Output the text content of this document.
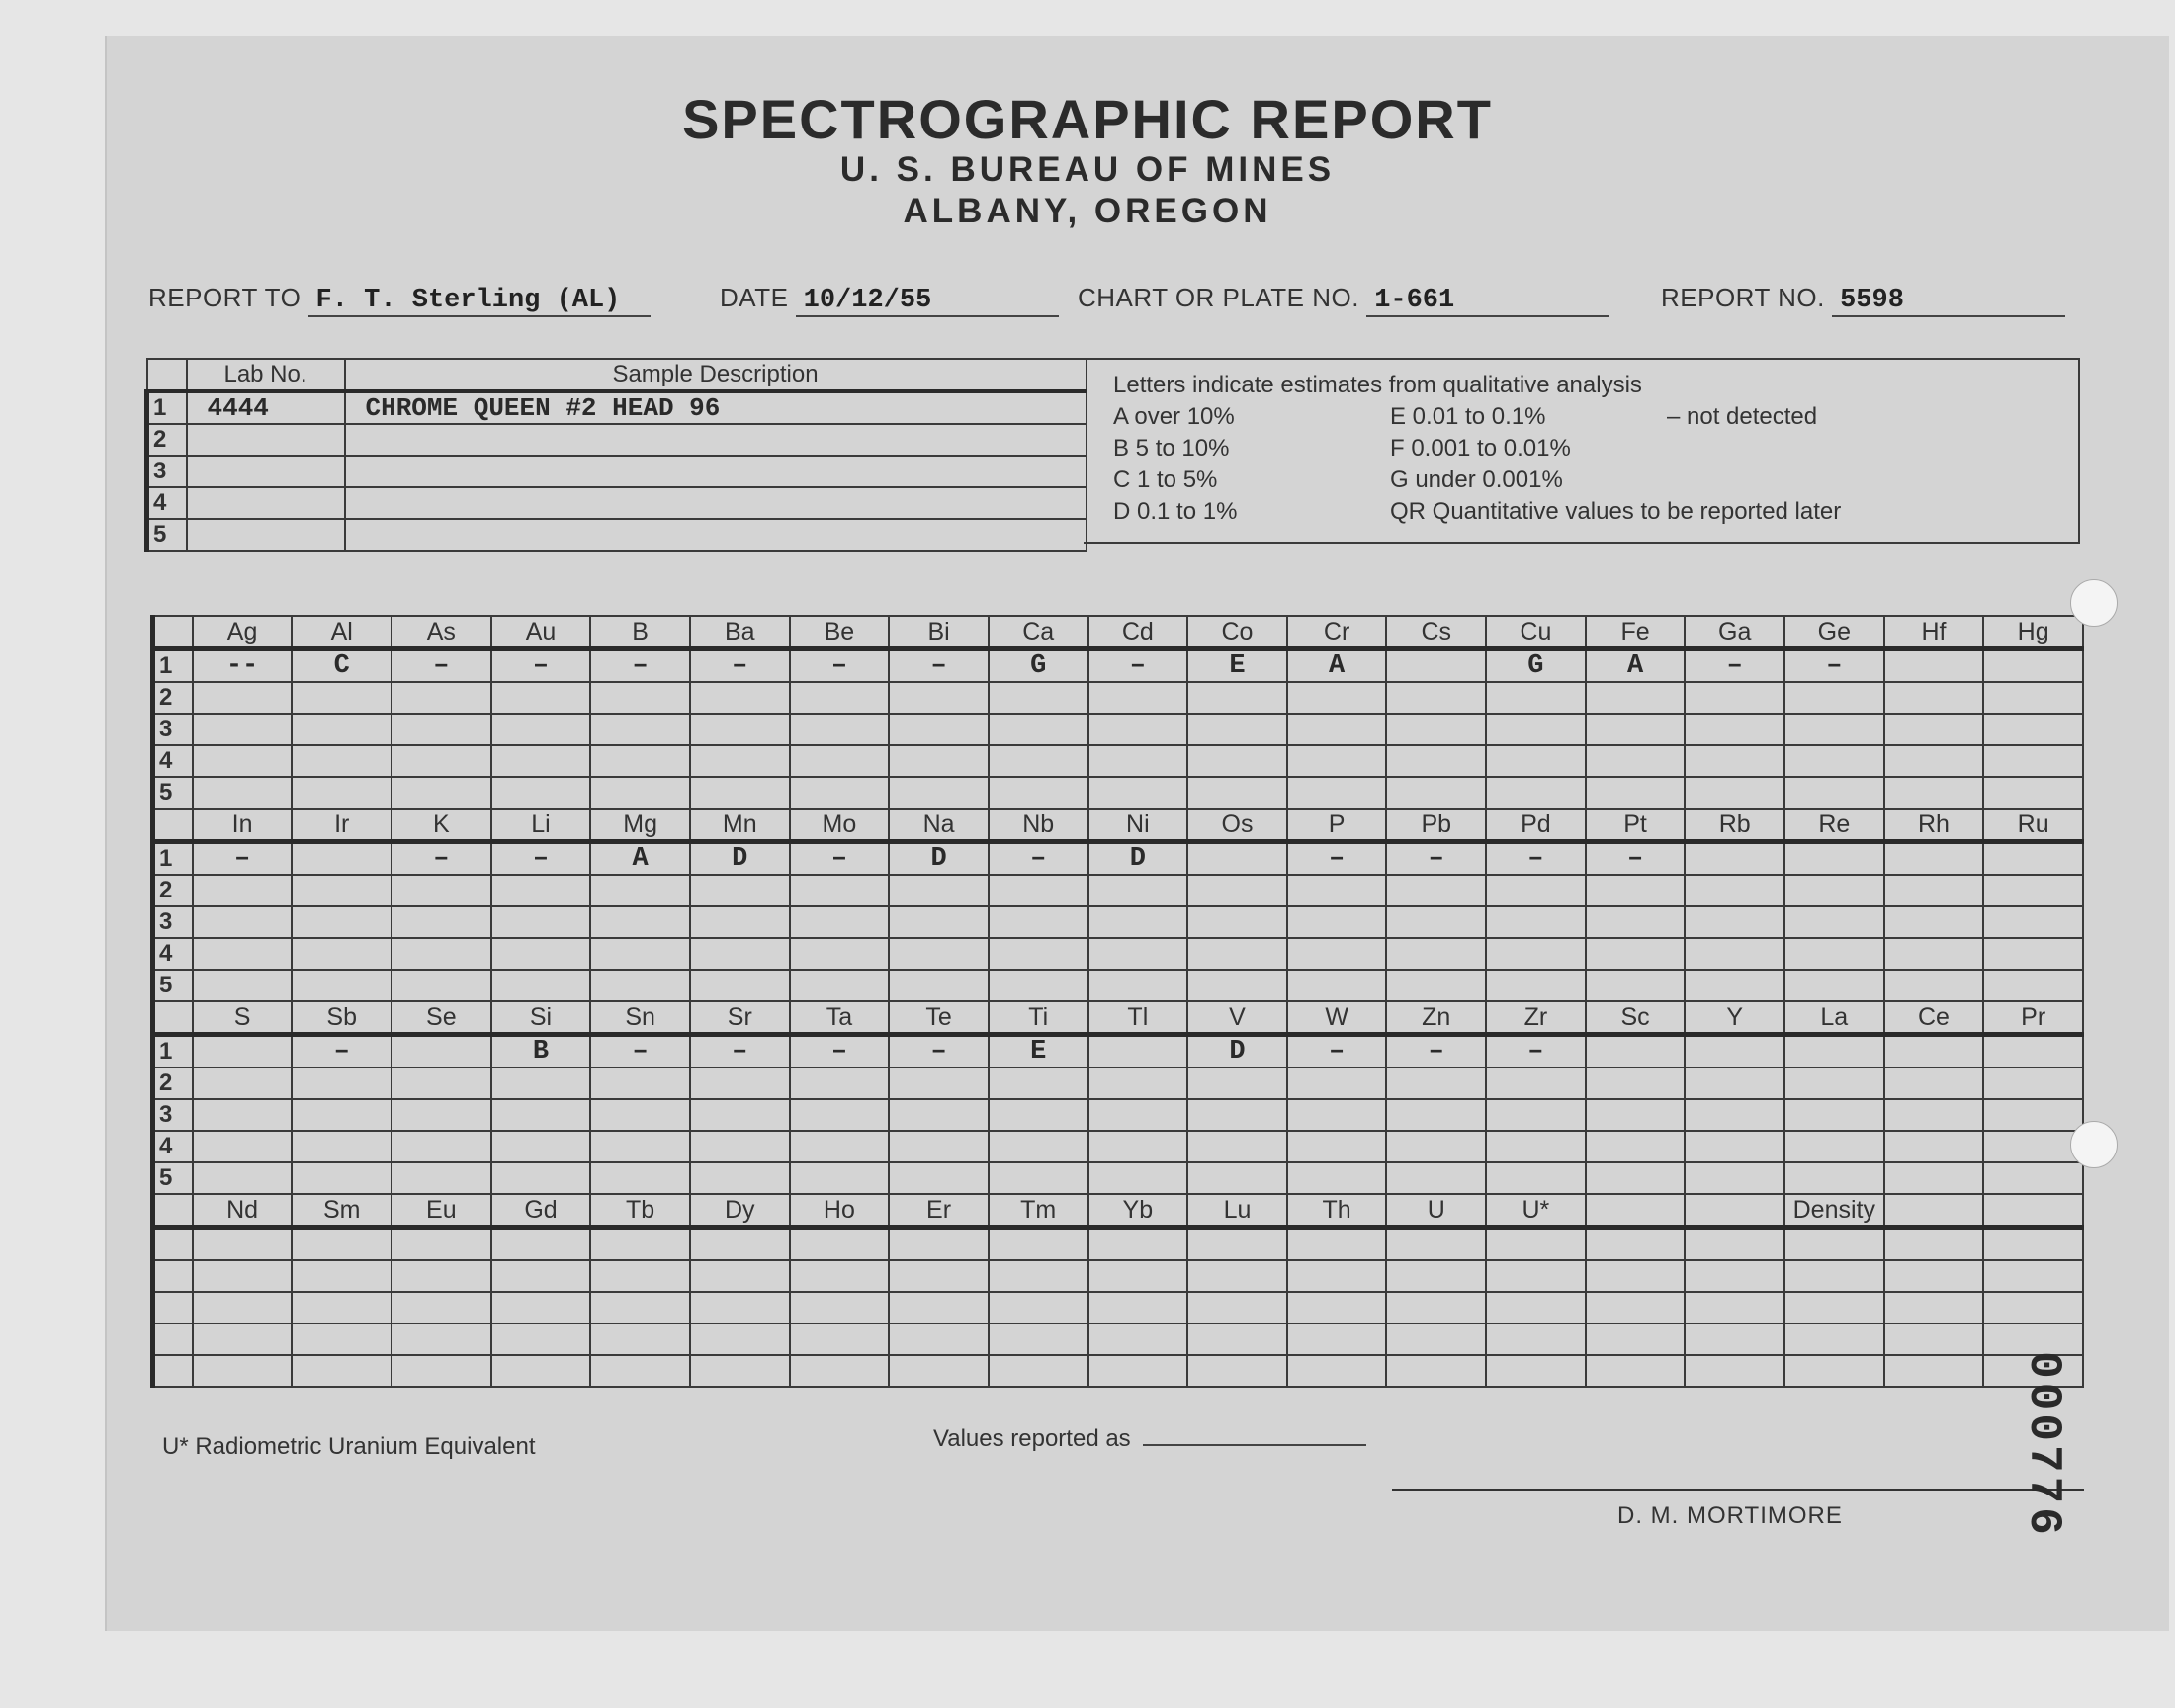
SPECTROGRAPHIC REPORT
U. S. BUREAU OF MINES
ALBANY, OREGON
REPORT TO F. T. Sterling (AL)	DATE 10/12/55	CHART OR PLATE NO. 1-661	REPORT NO. 5598
	Lab No.	Sample Description
1	4444	CHROME QUEEN #2 HEAD 96
2		
3		
4		
5		
Letters indicate estimates from qualitative analysis
A over 10%
B 5 to 10%
C 1 to 5%
D 0.1 to 1%
E 0.01 to 0.1%
F 0.001 to 0.01%
G under 0.001%
QR Quantitative values to be reported later
– not detected
	Ag	Al	As	Au	B	Ba	Be	Bi	Ca	Cd	Co	Cr	Cs	Cu	Fe	Ga	Ge	Hf	Hg
1	--	C	–	–	–	–	–	–	G	–	E	A		G	A	–	–		
2																			
3																			
4																			
5																			
	In	Ir	K	Li	Mg	Mn	Mo	Na	Nb	Ni	Os	P	Pb	Pd	Pt	Rb	Re	Rh	Ru
1	–		–	–	A	D	–	D	–	D		–	–	–	–				
2																			
3																			
4																			
5																			
	S	Sb	Se	Si	Sn	Sr	Ta	Te	Ti	Tl	V	W	Zn	Zr	Sc	Y	La	Ce	Pr
1		–		B	–	–	–	–	E		D	–	–	–					
2																			
3																			
4																			
5																			
	Nd	Sm	Eu	Gd	Tb	Dy	Ho	Er	Tm	Yb	Lu	Th	U	U*			Density		

U* Radiometric Uranium Equivalent	Values reported as
D. M. MORTIMORE	000776
